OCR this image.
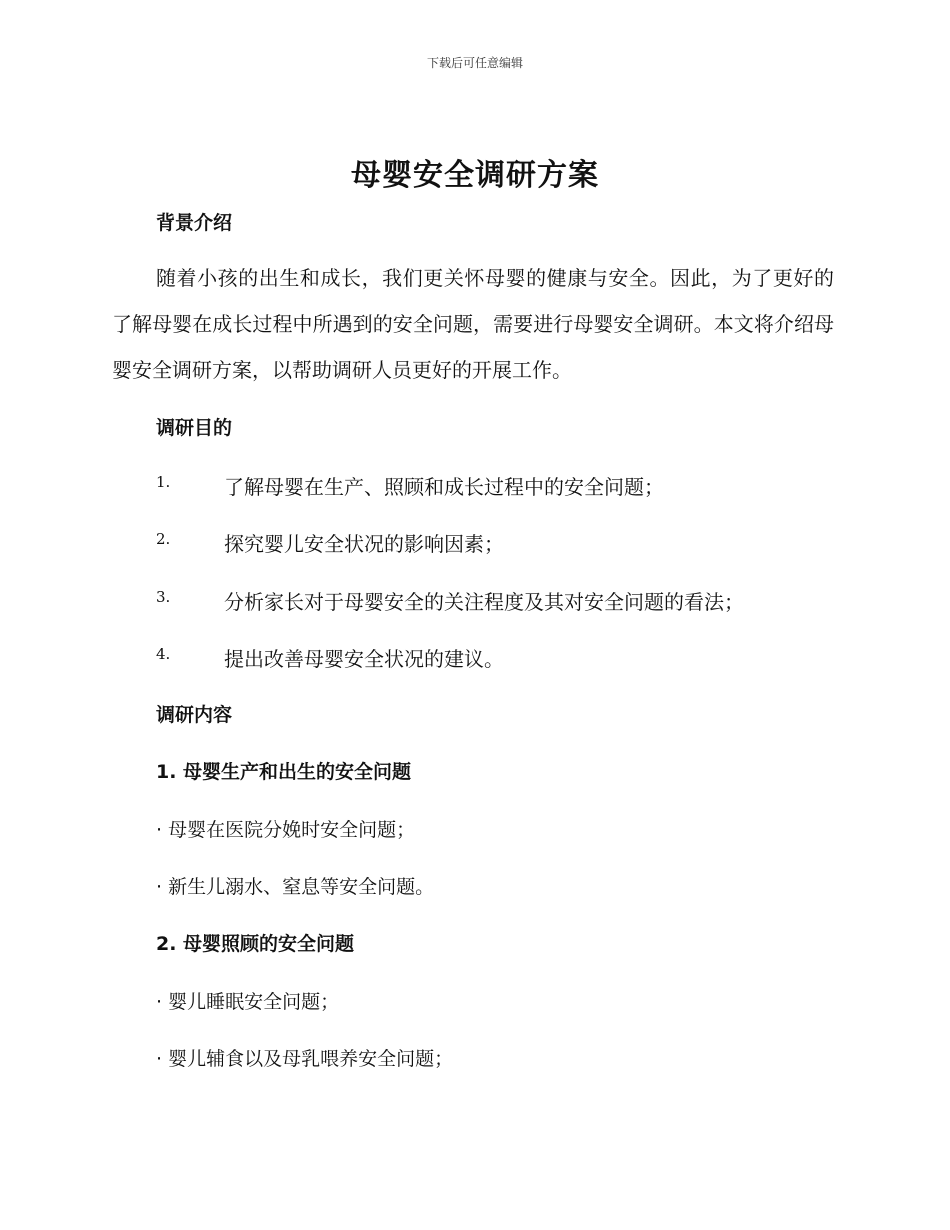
下载后可任意编辑
母婴安全调研方案
背景介绍
随着小孩的出生和成长，我们更关怀母婴的健康与安全。因此，为了更好的了解母婴在成长过程中所遇到的安全问题，需要进行母婴安全调研。本文将介绍母婴安全调研方案，以帮助调研人员更好的开展工作。
调研目的
1.	了解母婴在生产、照顾和成长过程中的安全问题；
2.	探究婴儿安全状况的影响因素；
3.	分析家长对于母婴安全的关注程度及其对安全问题的看法；
4.	提出改善母婴安全状况的建议。
调研内容
1. 母婴生产和出生的安全问题
· 母婴在医院分娩时安全问题；
· 新生儿溺水、窒息等安全问题。
2. 母婴照顾的安全问题
· 婴儿睡眠安全问题；
· 婴儿辅食以及母乳喂养安全问题；
